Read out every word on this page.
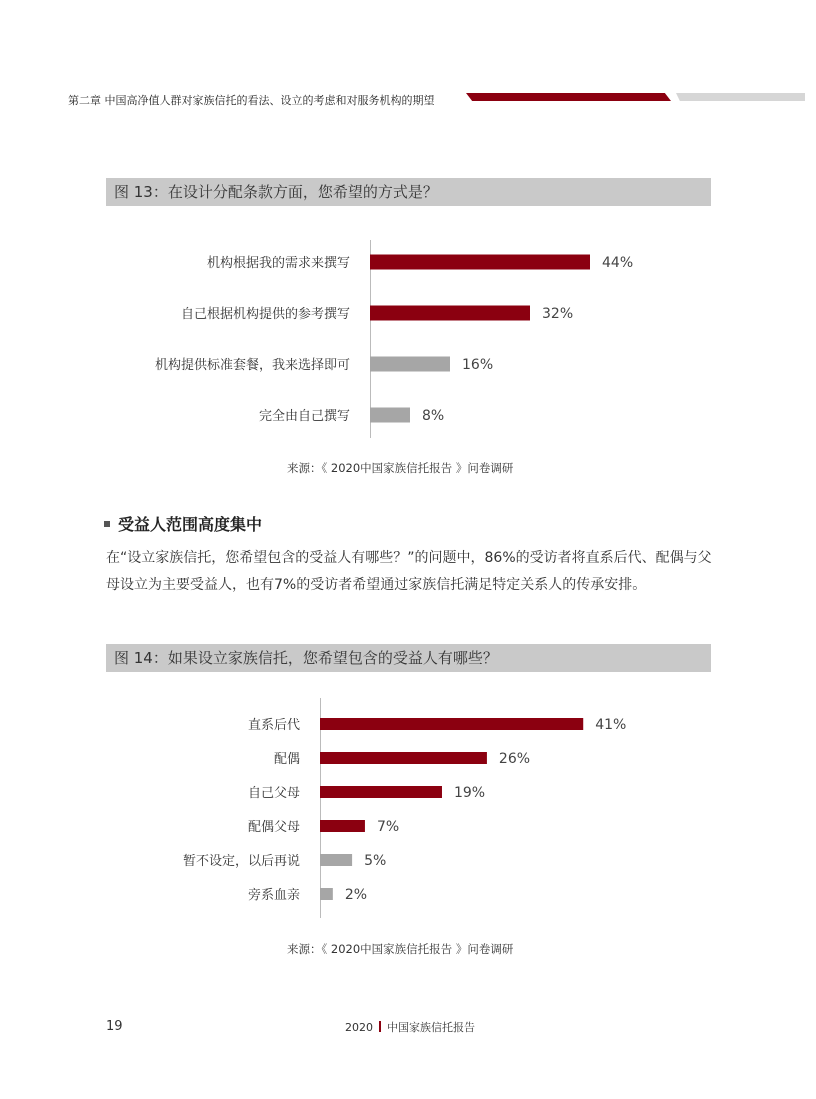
第二章 中国高净值人群对家族信托的看法、设立的考虑和对服务机构的期望
图 13：在设计分配条款方面，您希望的方式是？
机构根据我的需求来撰写	44%
自己根据机构提供的参考撰写	32%
机构提供标准套餐，我来选择即可	16%
完全由自己撰写	8%
来源：《 2020中国家族信托报告 》问卷调研
受益人范围高度集中
在“设立家族信托，您希望包含的受益人有哪些？”的问题中，86%的受访者将直系后代、配偶与父母设立为主要受益人，也有7%的受访者希望通过家族信托满足特定关系人的传承安排。
图 14：如果设立家族信托，您希望包含的受益人有哪些？
直系后代	41%
配偶	26%
自己父母	19%
配偶父母	7%
暂不设定，以后再说	5%
旁系血亲	2%
来源：《 2020中国家族信托报告 》问卷调研
19	2020 中国家族信托报告
